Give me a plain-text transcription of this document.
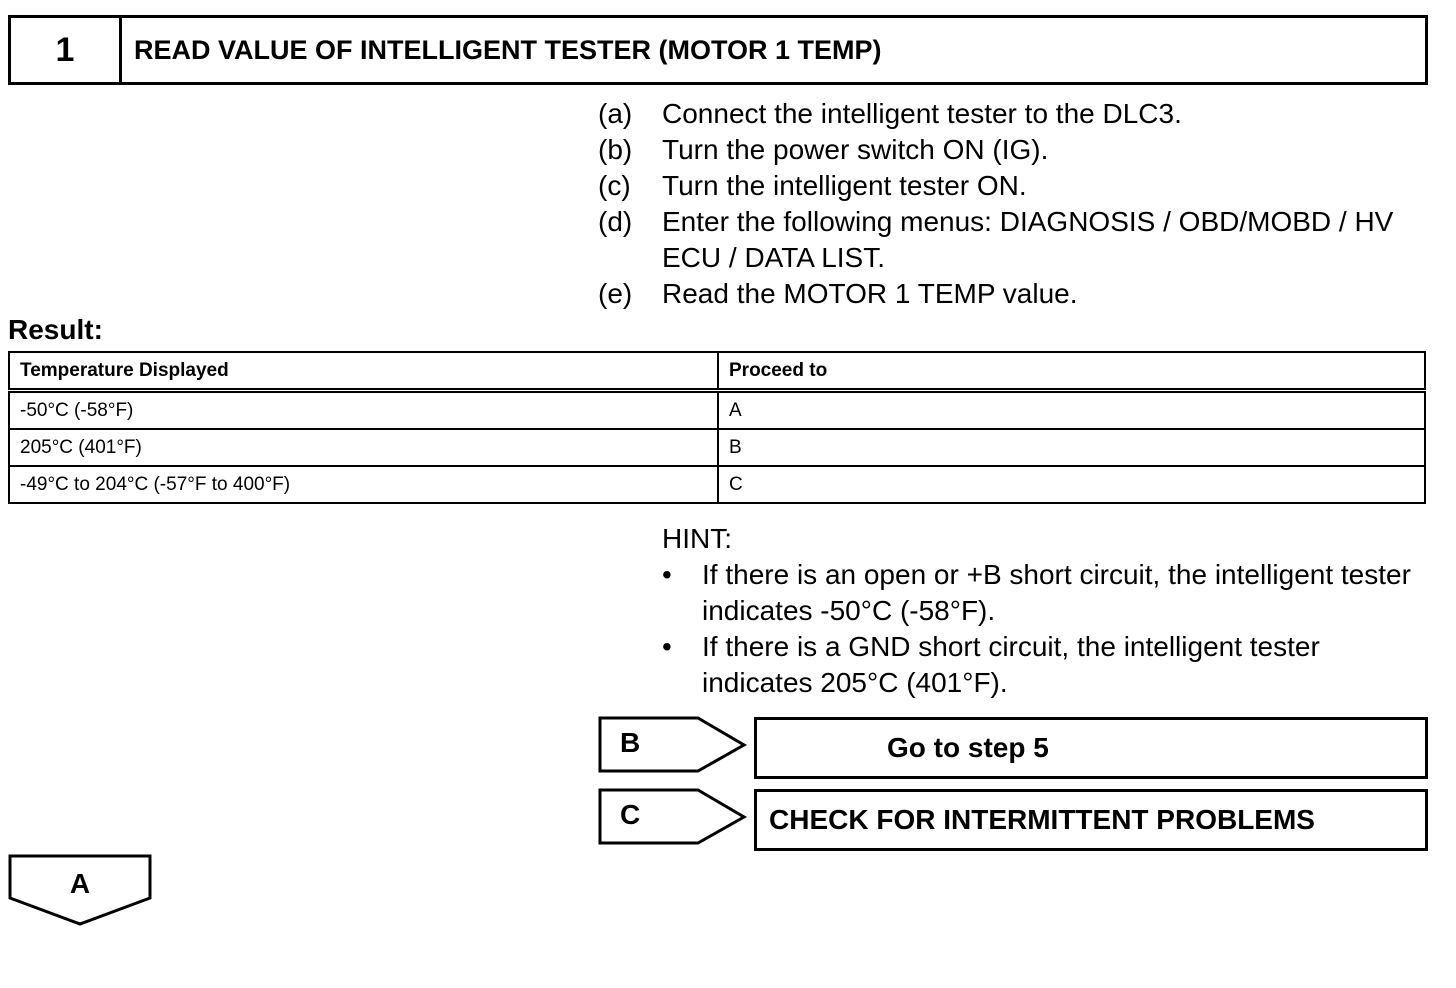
1	READ VALUE OF INTELLIGENT TESTER (MOTOR 1 TEMP)
(a)	Connect the intelligent tester to the DLC3.
(b)	Turn the power switch ON (IG).
(c)	Turn the intelligent tester ON.
(d)	Enter the following menus: DIAGNOSIS / OBD/MOBD / HV ECU / DATA LIST.
(e)	Read the MOTOR 1 TEMP value.
Result:
Temperature Displayed	Proceed to
-50°C (-58°F)	A
205°C (401°F)	B
-49°C to 204°C (-57°F to 400°F)	C
HINT:
•	If there is an open or +B short circuit, the intelligent tester indicates -50°C (-58°F).
•	If there is a GND short circuit, the intelligent tester indicates 205°C (401°F).
B	Go to step 5
C	CHECK FOR INTERMITTENT PROBLEMS
A
